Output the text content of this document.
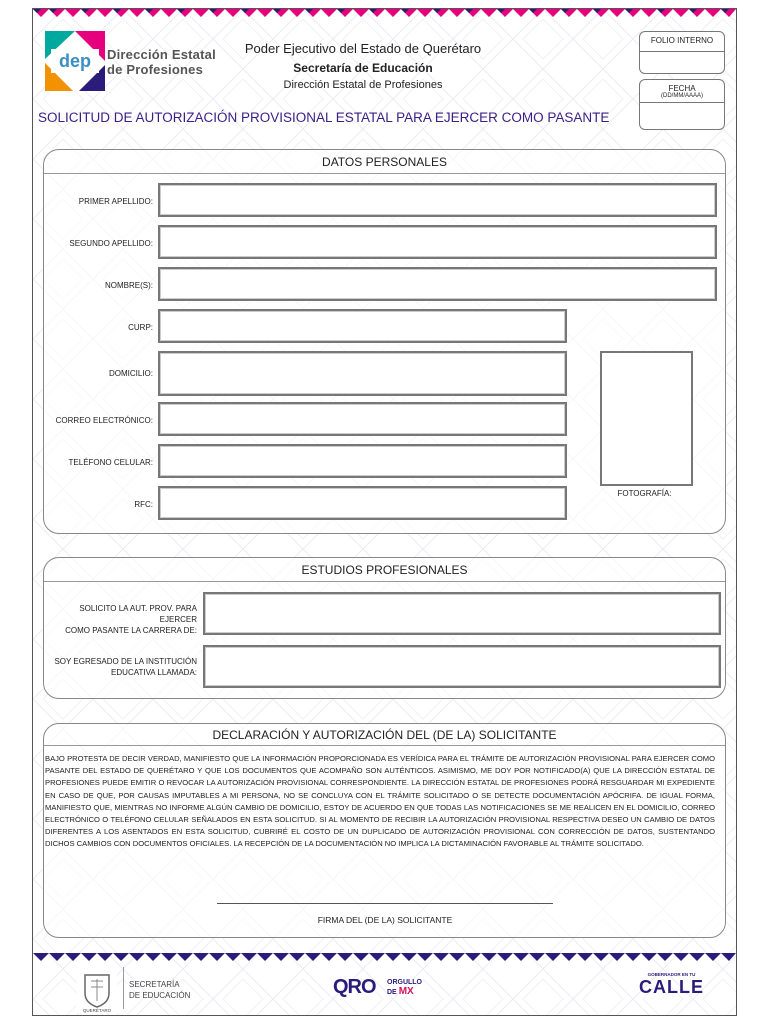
dep Dirección Estatal
de Profesiones
Poder Ejecutivo del Estado de Querétaro
Secretaría de Educación
Dirección Estatal de Profesiones
FOLIO INTERNO
FECHA
(DD/MM/AAAA)
SOLICITUD DE AUTORIZACIÓN PROVISIONAL ESTATAL PARA EJERCER COMO PASANTE
DATOS PERSONALES
PRIMER APELLIDO:
SEGUNDO APELLIDO:
NOMBRE(S):
CURP:
DOMICILIO:
CORREO ELECTRÓNICO:
TELÉFONO CELULAR:
RFC:
FOTOGRAFÍA:
ESTUDIOS PROFESIONALES
SOLICITO LA AUT. PROV. PARA EJERCER
COMO PASANTE LA CARRERA DE:
SOY EGRESADO DE LA INSTITUCIÓN
EDUCATIVA LLAMADA:
DECLARACIÓN Y AUTORIZACIÓN DEL (DE LA) SOLICITANTE
BAJO PROTESTA DE DECIR VERDAD, MANIFIESTO QUE LA INFORMACIÓN PROPORCIONADA ES VERÍDICA PARA EL TRÁMITE DE AUTORIZACIÓN PROVISIONAL PARA EJERCER COMO PASANTE DEL ESTADO DE QUERÉTARO Y QUE LOS DOCUMENTOS QUE ACOMPAÑO SON AUTÉNTICOS. ASIMISMO, ME DOY POR NOTIFICADO(A) QUE LA DIRECCIÓN ESTATAL DE PROFESIONES PUEDE EMITIR O REVOCAR LA AUTORIZACIÓN PROVISIONAL CORRESPONDIENTE. LA DIRECCIÓN ESTATAL DE PROFESIONES PODRÁ RESGUARDAR MI EXPEDIENTE EN CASO DE QUE, POR CAUSAS IMPUTABLES A MI PERSONA, NO SE CONCLUYA CON EL TRÁMITE SOLICITADO O SE DETECTE DOCUMENTACIÓN APÓCRIFA. DE IGUAL FORMA, MANIFIESTO QUE, MIENTRAS NO INFORME ALGÚN CAMBIO DE DOMICILIO, ESTOY DE ACUERDO EN QUE TODAS LAS NOTIFICACIONES SE ME REALICEN EN EL DOMICILIO, CORREO ELECTRÓNICO O TELÉFONO CELULAR SEÑALADOS EN ESTA SOLICITUD. SI AL MOMENTO DE RECIBIR LA AUTORIZACIÓN PROVISIONAL RESPECTIVA DESEO UN CAMBIO DE DATOS DIFERENTES A LOS ASENTADOS EN ESTA SOLICITUD, CUBRIRÉ EL COSTO DE UN DUPLICADO DE AUTORIZACIÓN PROVISIONAL CON CORRECCIÓN DE DATOS, SUSTENTANDO DICHOS CAMBIOS CON DOCUMENTOS OFICIALES. LA RECEPCIÓN DE LA DOCUMENTACIÓN NO IMPLICA LA DICTAMINACIÓN FAVORABLE AL TRÁMITE SOLICITADO.
FIRMA DEL (DE LA) SOLICITANTE
QUERÉTARO
SECRETARÍA
DE EDUCACIÓN	QRO ORGULLO
DE MX
GOBERNADOR EN TU
CALLE
